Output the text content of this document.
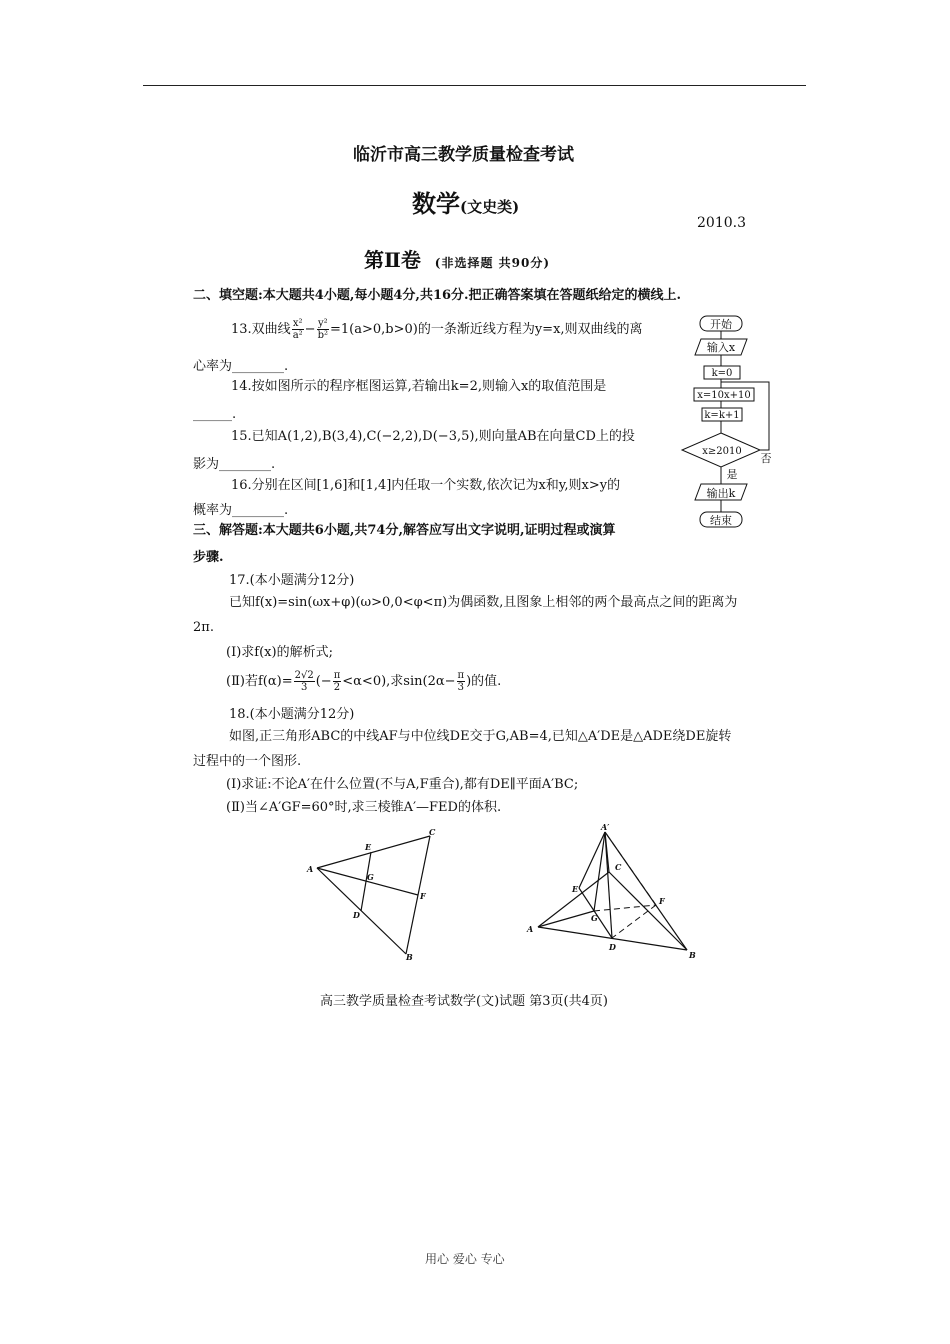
临沂市高三教学质量检查考试
数学(文史类)
2010.3
第Ⅱ卷 (非选择题 共90分)
二、填空题:本大题共4小题,每小题4分,共16分.把正确答案填在答题纸给定的横线上.
13.双曲线 $\frac{\text{x²}}{\text{a²}} - \frac{\text{y²}}{\text{b²}} =1(a>0,b>0)$的一条渐近线方程为y=x,则双曲线的离
心率为________.
14.按如图所示的程序框图运算,若输出k=2,则输入x的取值范围是
______.
15.已知A(1,2),B(3,4),C(−2,2),D(−3,5),则向量AB在向量CD上的投
影为________.
16.分别在区间[1,6]和[1,4]内任取一个实数,依次记为x和y,则x>y的
概率为________.
开始
输入x
k=0
x=10x+10
k=k+1
x≥2010
否
是
输出k
结束
三、解答题:本大题共6小题,共74分,解答应写出文字说明,证明过程或演算
步骤.
17.(本小题满分12分)
已知f(x)=sin(ωx+φ)(ω>0,0<φ<π)为偶函数,且图象上相邻的两个最高点之间的距离为
2π.
(Ⅰ)求f(x)的解析式;
(Ⅱ)若$f(\alpha)= \frac{2√2}{3}$ (− $\frac{\pi}{2} <\alpha<0$),求$\sin(2\alpha- \frac{\pi}{3}$ )的值.
18.(本小题满分12分)
如图,正三角形ABC的中线AF与中位线DE交于G,AB=4,已知△A′DE是△ADE绕DE旋转
过程中的一个图形.
(Ⅰ)求证:不论A′在什么位置(不与A,F重合),都有DE∥平面A′BC;
(Ⅱ)当∠A′GF=60°时,求三棱锥A′—FED的体积.
A
C
B
E
D
F
G
A′
A
B
C
D
E
F
G
高三教学质量检查考试数学(文)试题 第3页(共4页)
用心 爱心 专心
